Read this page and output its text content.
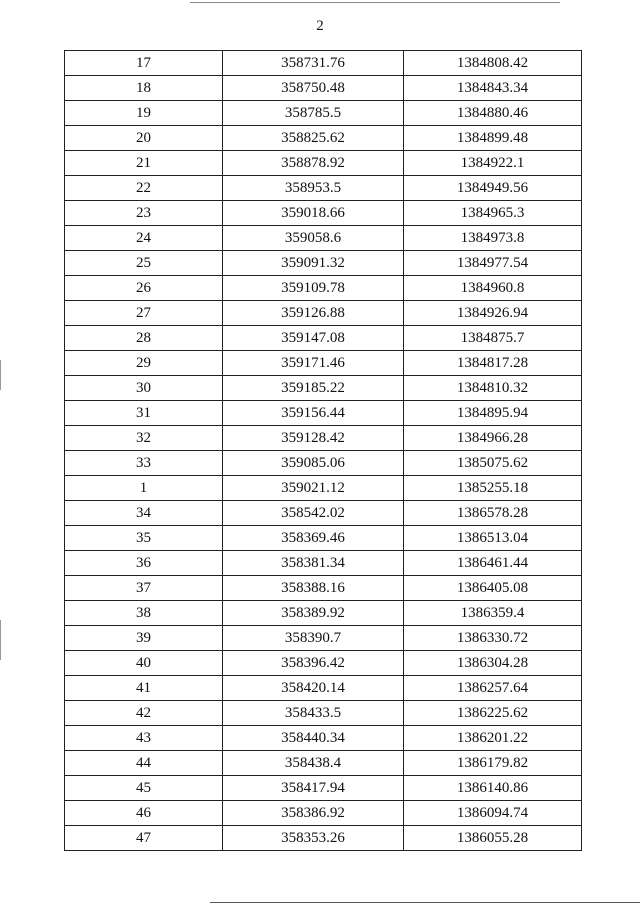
2
17	358731.76	1384808.42
18	358750.48	1384843.34
19	358785.5	1384880.46
20	358825.62	1384899.48
21	358878.92	1384922.1
22	358953.5	1384949.56
23	359018.66	1384965.3
24	359058.6	1384973.8
25	359091.32	1384977.54
26	359109.78	1384960.8
27	359126.88	1384926.94
28	359147.08	1384875.7
29	359171.46	1384817.28
30	359185.22	1384810.32
31	359156.44	1384895.94
32	359128.42	1384966.28
33	359085.06	1385075.62
1	359021.12	1385255.18
34	358542.02	1386578.28
35	358369.46	1386513.04
36	358381.34	1386461.44
37	358388.16	1386405.08
38	358389.92	1386359.4
39	358390.7	1386330.72
40	358396.42	1386304.28
41	358420.14	1386257.64
42	358433.5	1386225.62
43	358440.34	1386201.22
44	358438.4	1386179.82
45	358417.94	1386140.86
46	358386.92	1386094.74
47	358353.26	1386055.28
